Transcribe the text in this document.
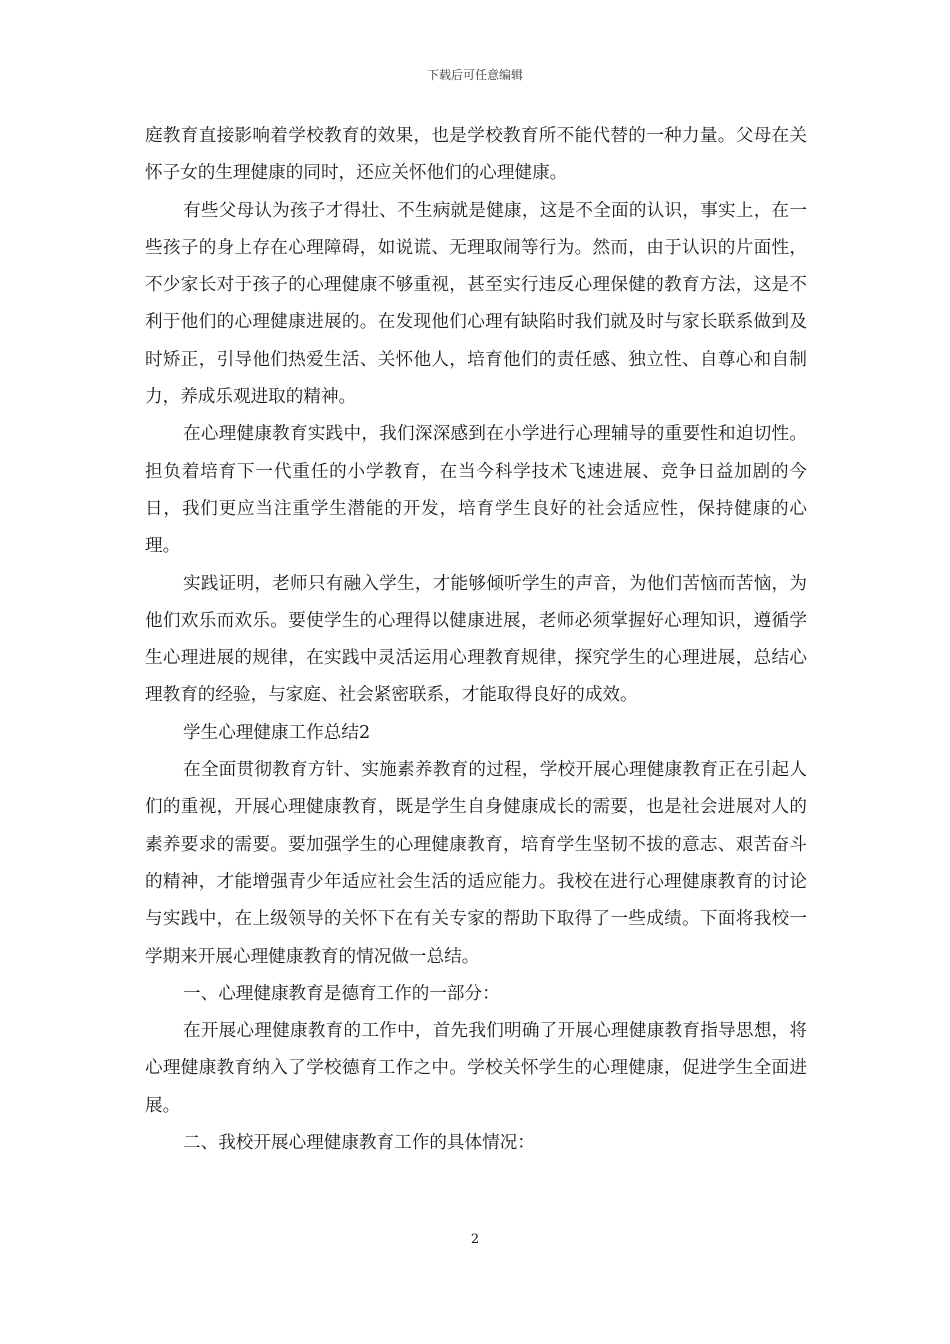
下载后可任意编辑

庭教育直接影响着学校教育的效果，也是学校教育所不能代替的一种力量。父母在关怀子女的生理健康的同时，还应关怀他们的心理健康。

有些父母认为孩子才得壮、不生病就是健康，这是不全面的认识，事实上，在一些孩子的身上存在心理障碍，如说谎、无理取闹等行为。然而，由于认识的片面性，不少家长对于孩子的心理健康不够重视，甚至实行违反心理保健的教育方法，这是不利于他们的心理健康进展的。在发现他们心理有缺陷时我们就及时与家长联系做到及时矫正，引导他们热爱生活、关怀他人，培育他们的责任感、独立性、自尊心和自制力，养成乐观进取的精神。

在心理健康教育实践中，我们深深感到在小学进行心理辅导的重要性和迫切性。担负着培育下一代重任的小学教育，在当今科学技术飞速进展、竞争日益加剧的今日，我们更应当注重学生潜能的开发，培育学生良好的社会适应性，保持健康的心理。

实践证明，老师只有融入学生，才能够倾听学生的声音，为他们苦恼而苦恼，为他们欢乐而欢乐。要使学生的心理得以健康进展，老师必须掌握好心理知识，遵循学生心理进展的规律，在实践中灵活运用心理教育规律，探究学生的心理进展，总结心理教育的经验，与家庭、社会紧密联系，才能取得良好的成效。

学生心理健康工作总结2

在全面贯彻教育方针、实施素养教育的过程，学校开展心理健康教育正在引起人们的重视，开展心理健康教育，既是学生自身健康成长的需要，也是社会进展对人的素养要求的需要。要加强学生的心理健康教育，培育学生坚韧不拔的意志、艰苦奋斗的精神，才能增强青少年适应社会生活的适应能力。我校在进行心理健康教育的讨论与实践中，在上级领导的关怀下在有关专家的帮助下取得了一些成绩。下面将我校一学期来开展心理健康教育的情况做一总结。

一、心理健康教育是德育工作的一部分：

在开展心理健康教育的工作中，首先我们明确了开展心理健康教育指导思想，将心理健康教育纳入了学校德育工作之中。学校关怀学生的心理健康，促进学生全面进展。

二、我校开展心理健康教育工作的具体情况：

2
